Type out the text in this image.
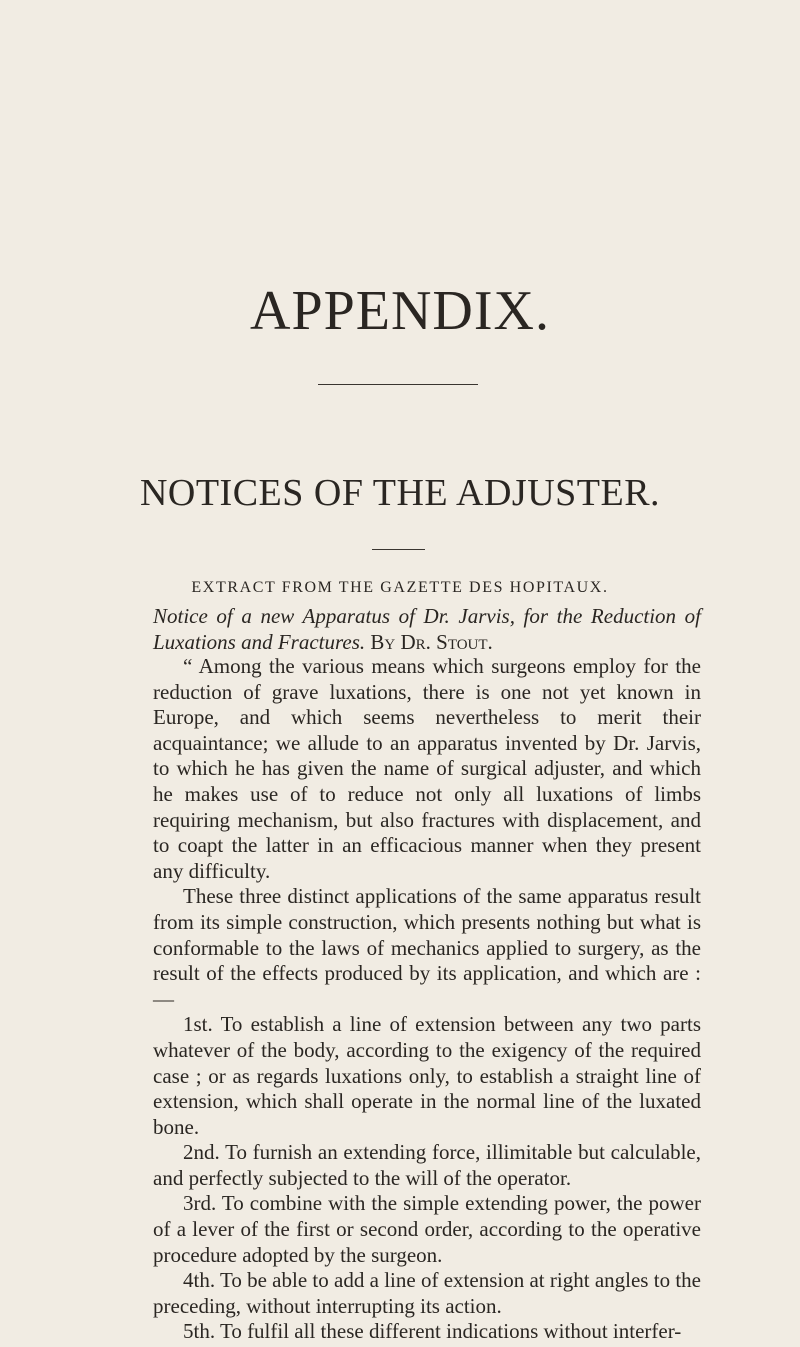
APPENDIX.
NOTICES OF THE ADJUSTER.
EXTRACT FROM THE GAZETTE DES HOPITAUX.

Notice of a new Apparatus of Dr. Jarvis, for the Reduction of Luxations and Fractures. By Dr. Stout.

“ Among the various means which surgeons employ for the reduction of grave luxations, there is one not yet known in Europe, and which seems nevertheless to merit their acquaintance; we allude to an apparatus invented by Dr. Jarvis, to which he has given the name of surgical adjuster, and which he makes use of to reduce not only all luxations of limbs requiring mechanism, but also fractures with displacement, and to coapt the latter in an efficacious manner when they present any difficulty.

These three distinct applications of the same apparatus result from its simple construction, which presents nothing but what is conformable to the laws of mechanics applied to surgery, as the result of the effects produced by its application, and which are :—

1st. To establish a line of extension between any two parts whatever of the body, according to the exigency of the required case ; or as regards luxations only, to establish a straight line of extension, which shall operate in the normal line of the luxated bone.

2nd. To furnish an extending force, illimitable but calculable, and perfectly subjected to the will of the operator.

3rd. To combine with the simple extending power, the power of a lever of the first or second order, according to the operative procedure adopted by the surgeon.

4th. To be able to add a line of extension at right angles to the preceding, without interrupting its action.

5th. To fulfil all these different indications without interfer-
